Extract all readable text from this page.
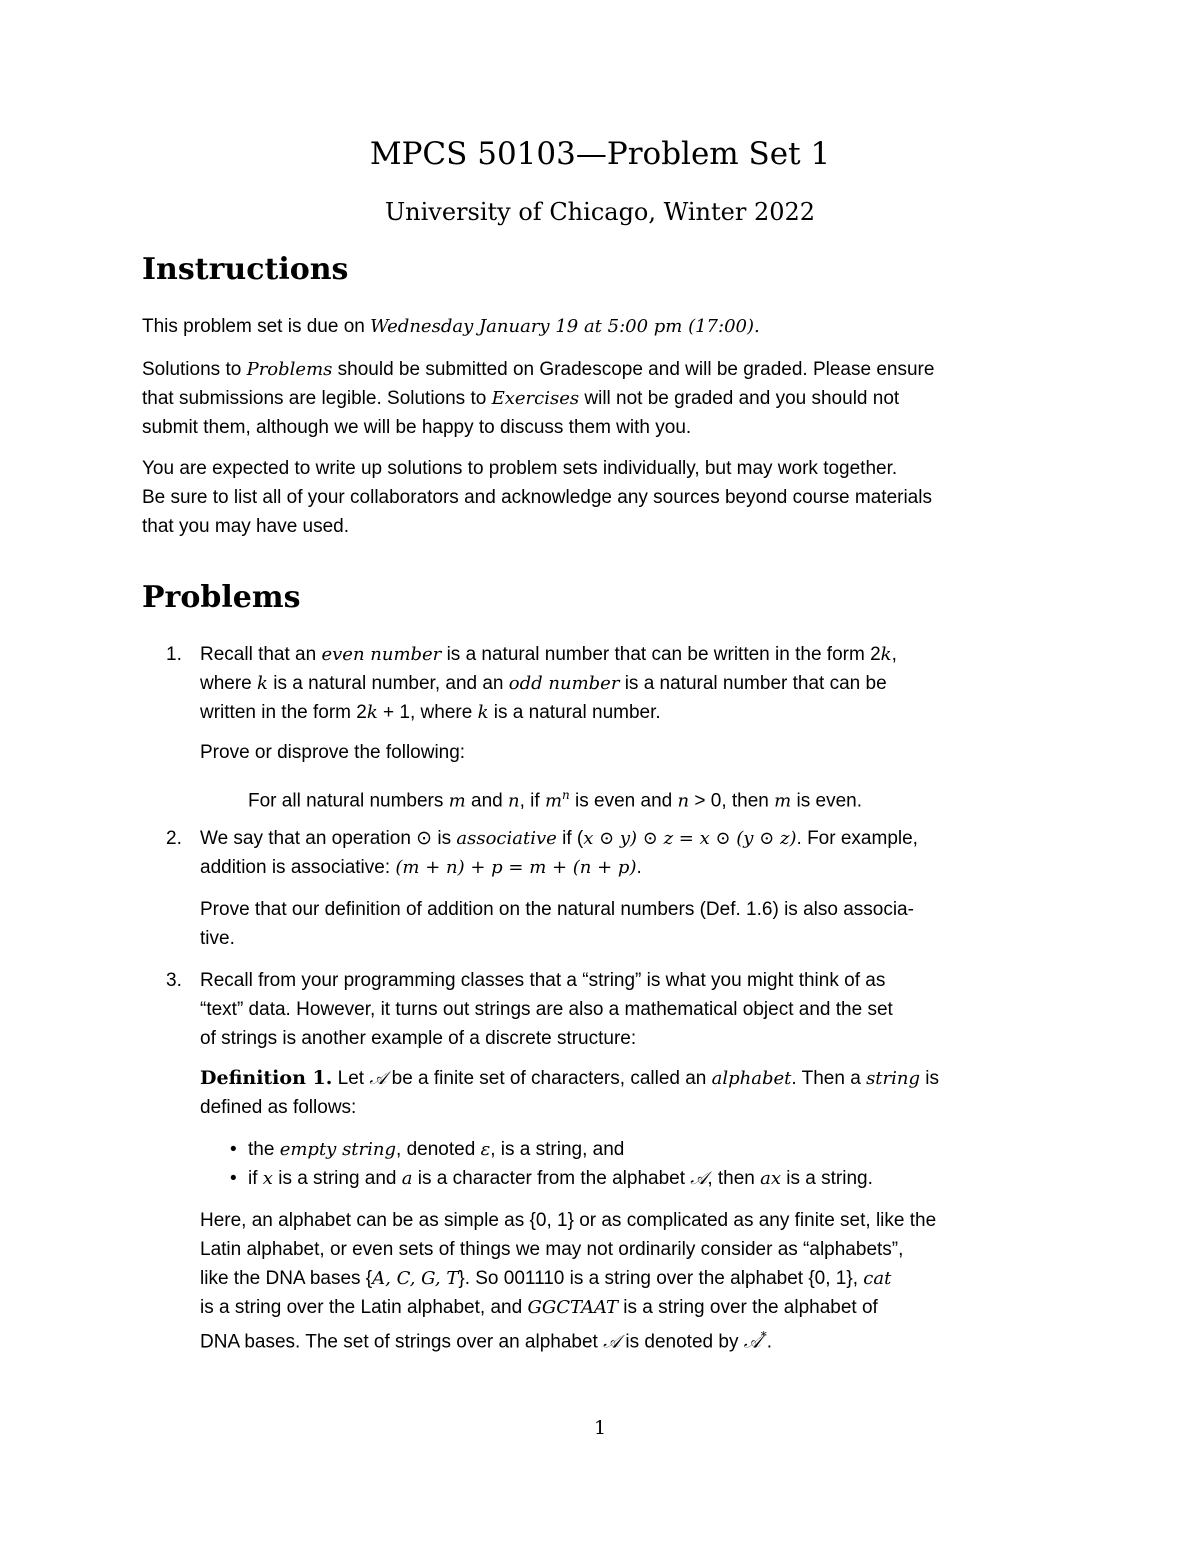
MPCS 50103—Problem Set 1
University of Chicago, Winter 2022
Instructions

This problem set is due on Wednesday January 19 at 5:00 pm (17:00).

Solutions to Problems should be submitted on Gradescope and will be graded. Please ensure
that submissions are legible. Solutions to Exercises will not be graded and you should not
submit them, although we will be happy to discuss them with you.

You are expected to write up solutions to problem sets individually, but may work together.
Be sure to list all of your collaborators and acknowledge any sources beyond course materials
that you may have used.

Problems
1. Recall that an even number is a natural number that can be written in the form 2k,
where k is a natural number, and an odd number is a natural number that can be
written in the form 2k + 1, where k is a natural number.

Prove or disprove the following:

For all natural numbers m and n, if $m^n$ is even and n > 0, then m is even.

2. We say that an operation ⊙ is associative if (x ⊙ y) ⊙ z = x ⊙ (y ⊙ z). For example,
addition is associative: (m + n) + p = m + (n + p).

Prove that our definition of addition on the natural numbers (Def. 1.6) is also associa-
tive.

3. Recall from your programming classes that a “string” is what you might think of as
“text” data. However, it turns out strings are also a mathematical object and the set
of strings is another example of a discrete structure:

Definition 1. Let 𝒜 be a finite set of characters, called an alphabet. Then a string is
defined as follows:

• the empty string, denoted ε, is a string, and

• if x is a string and a is a character from the alphabet 𝒜, then ax is a string.

Here, an alphabet can be as simple as {0, 1} or as complicated as any finite set, like the
Latin alphabet, or even sets of things we may not ordinarily consider as “alphabets”,
like the DNA bases {A, C, G, T}. So 001110 is a string over the alphabet {0, 1}, cat
is a string over the Latin alphabet, and GGCTAAT is a string over the alphabet of
DNA bases. The set of strings over an alphabet 𝒜 is denoted by 𝒜*.

1
